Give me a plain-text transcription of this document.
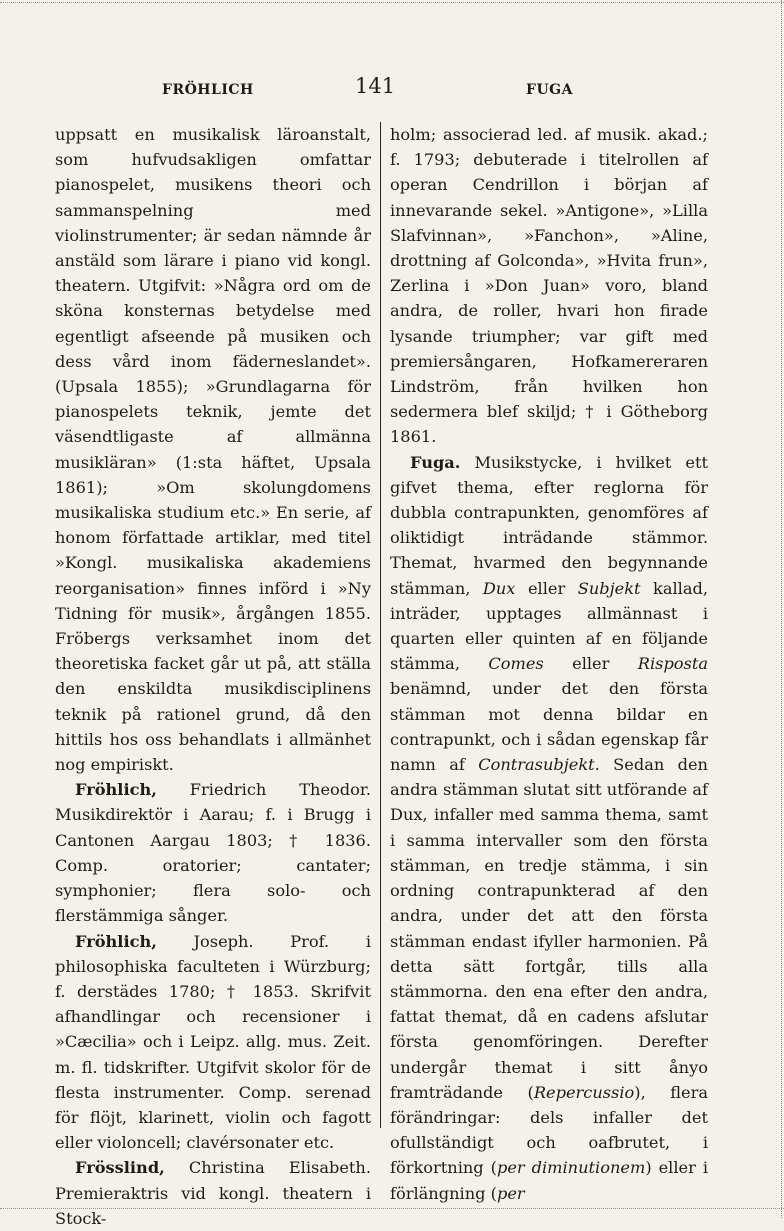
FRÖHLICH	141	FUGA

uppsatt en musikalisk läroanstalt, som hufvudsakligen omfattar pianospelet, musikens theori och sammanspelning med violinstrumenter; är sedan nämnde år anstäld som lärare i piano vid kongl. theatern. Utgifvit: »Några ord om de sköna konsternas betydelse med egentligt afseende på musiken och dess vård inom fäderneslandet». (Upsala 1855); »Grundlagarna för pianospelets teknik, jemte det väsendtligaste af allmänna musikläran» (1:sta häftet, Upsala 1861); »Om skolungdomens musikaliska studium etc.» En serie, af honom författade artiklar, med titel »Kongl. musikaliska akademiens reorganisation» finnes införd i »Ny Tidning för musik», årgången 1855. Fröbergs verksamhet inom det theoretiska facket går ut på, att ställa den enskildta musikdisciplinens teknik på rationel grund, då den hittils hos oss behandlats i allmänhet nog empiriskt.

Fröhlich, Friedrich Theodor. Musikdirektör i Aarau; f. i Brugg i Cantonen Aargau 1803; † 1836. Comp. oratorier; cantater; symphonier; flera solo- och flerstämmiga sånger.

Fröhlich, Joseph. Prof. i philosophiska faculteten i Würzburg; f. derstädes 1780; † 1853. Skrifvit afhandlingar och recensioner i »Cæcilia» och i Leipz. allg. mus. Zeit. m. fl. tidskrifter. Utgifvit skolor för de flesta instrumenter. Comp. serenad för flöjt, klarinett, violin och fagott eller violoncell; clavérsonater etc.

Frösslind, Christina Elisabeth. Premieraktris vid kongl. theatern i Stock-

holm; associerad led. af musik. akad.; f. 1793; debuterade i titelrollen af operan Cendrillon i början af innevarande sekel. »Antigone», »Lilla Slafvinnan», »Fanchon», »Aline, drottning af Golconda», »Hvita frun», Zerlina i »Don Juan» voro, bland andra, de roller, hvari hon firade lysande triumpher; var gift med premiersångaren, Hofkamereraren Lindström, från hvilken hon sedermera blef skiljd; † i Götheborg 1861.

Fuga. Musikstycke, i hvilket ett gifvet thema, efter reglorna för dubbla contrapunkten, genomföres af oliktidigt inträdande stämmor. Themat, hvarmed den begynnande stämman, Dux eller Subjekt kallad, inträder, upptages allmännast i quarten eller quinten af en följande stämma, Comes eller Risposta benämnd, under det den första stämman mot denna bildar en contrapunkt, och i sådan egenskap får namn af Contrasubjekt. Sedan den andra stämman slutat sitt utförande af Dux, infaller med samma thema, samt i samma intervaller som den första stämman, en tredje stämma, i sin ordning contrapunkterad af den andra, under det att den första stämman endast ifyller harmonien. På detta sätt fortgår, tills alla stämmorna. den ena efter den andra, fattat themat, då en cadens afslutar första genomföringen. Derefter undergår themat i sitt ånyo framträdande (Repercussio), flera förändringar: dels infaller det ofullständigt och oafbrutet, i förkortning (per diminutionem) eller i förlängning (per
